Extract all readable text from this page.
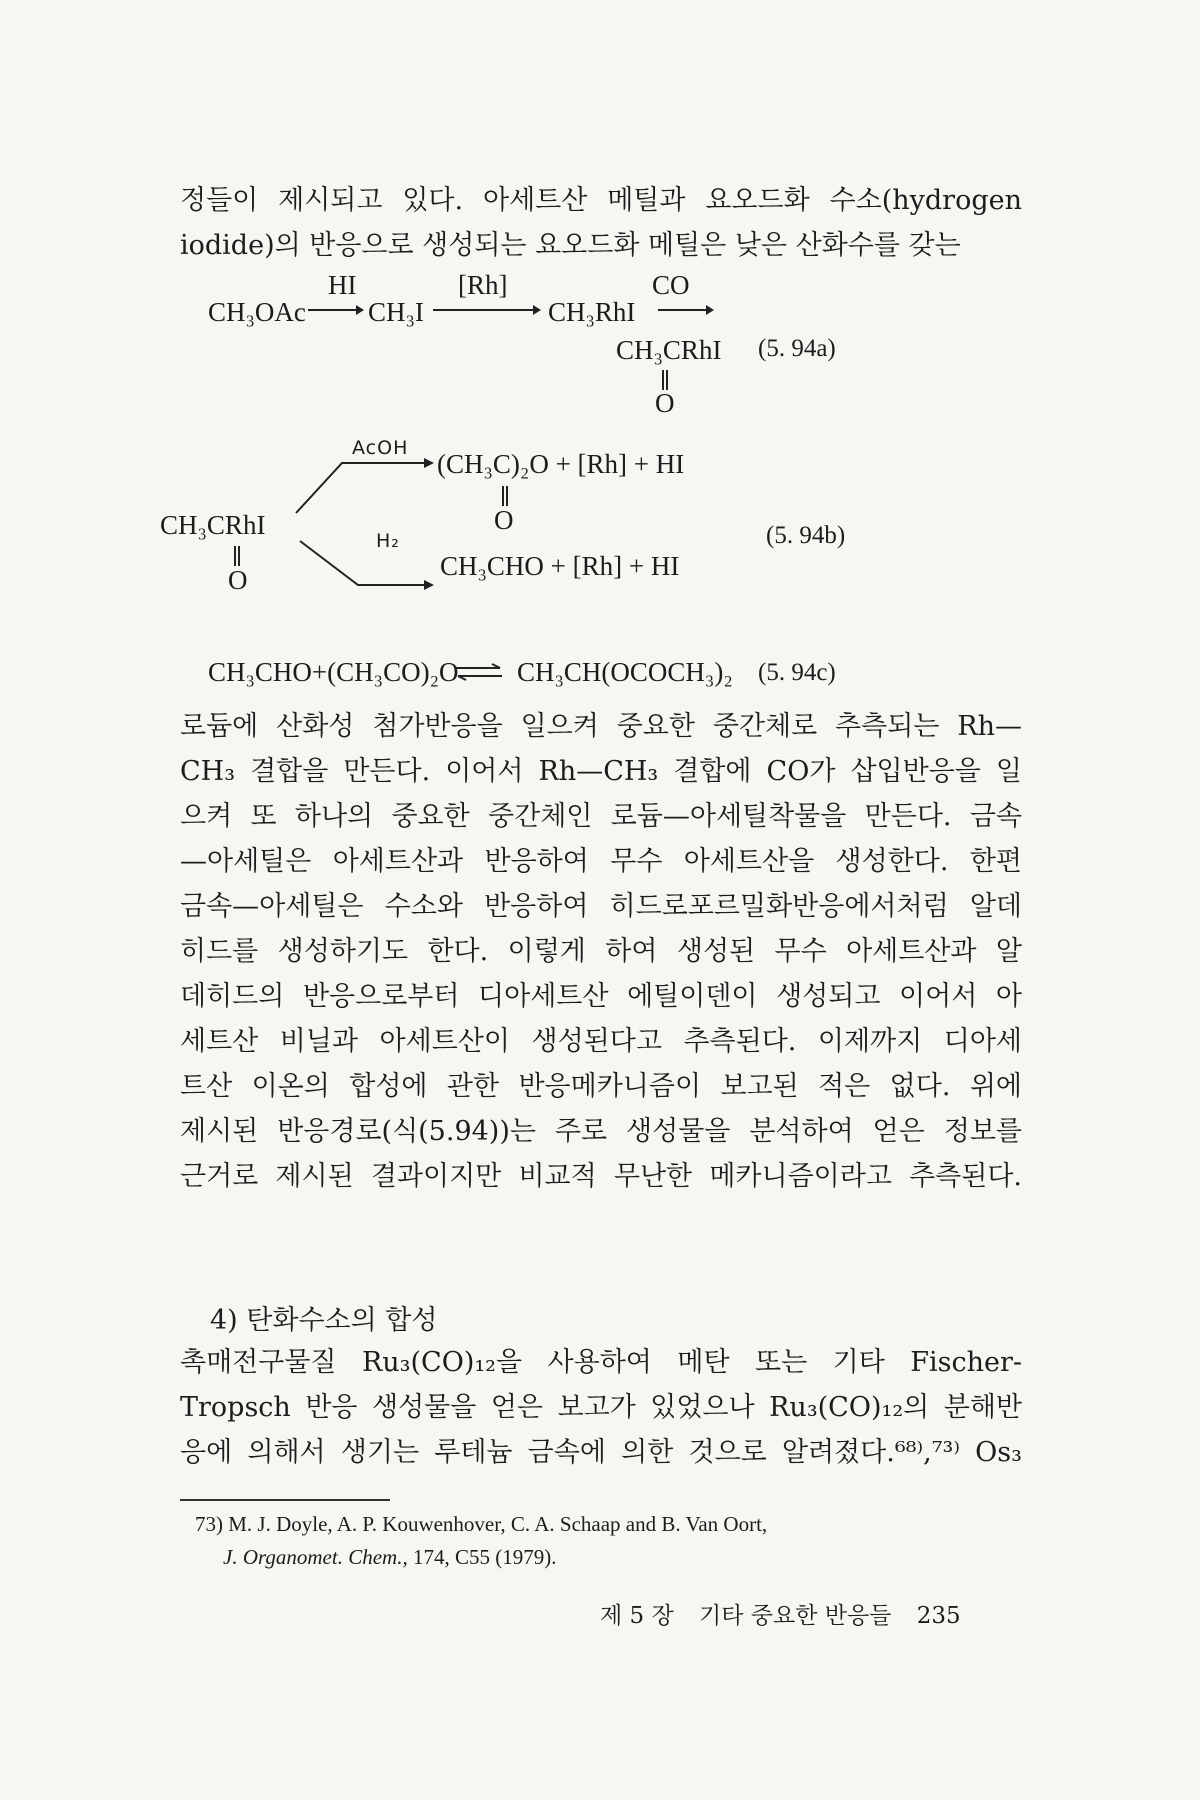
정들이 제시되고 있다. 아세트산 메틸과 요오드화 수소(hydrogen
iodide)의 반응으로 생성되는 요오드화 메틸은 낮은 산화수를 갖는
HI	[Rh]	CO
CH₃OAc → CH₃I → CH₃RhI →
CH₃CRhI (5. 94a)
O
AcOH
(CH₃C)₂O + [Rh] + HI
O
CH₃CRhI
O
H₂
CH₃CHO + [Rh] + HI
(5. 94b)
CH₃CHO+(CH₃CO)₂O ⇌ CH₃CH(OCOCH₃)₂ (5. 94c)
로듐에 산화성 첨가반응을 일으켜 중요한 중간체로 추측되는 Rh—
CH₃ 결합을 만든다. 이어서 Rh—CH₃ 결합에 CO가 삽입반응을 일
으켜 또 하나의 중요한 중간체인 로듐—아세틸착물을 만든다. 금속
—아세틸은 아세트산과 반응하여 무수 아세트산을 생성한다. 한편
금속—아세틸은 수소와 반응하여 히드로포르밀화반응에서처럼 알데
히드를 생성하기도 한다. 이렇게 하여 생성된 무수 아세트산과 알
데히드의 반응으로부터 디아세트산 에틸이덴이 생성되고 이어서 아
세트산 비닐과 아세트산이 생성된다고 추측된다. 이제까지 디아세
트산 이온의 합성에 관한 반응메카니즘이 보고된 적은 없다. 위에
제시된 반응경로(식(5.94))는 주로 생성물을 분석하여 얻은 정보를
근거로 제시된 결과이지만 비교적 무난한 메카니즘이라고 추측된다.
4) 탄화수소의 합성
촉매전구물질 Ru₃(CO)₁₂을 사용하여 메탄 또는 기타 Fischer-
Tropsch 반응 생성물을 얻은 보고가 있었으나 Ru₃(CO)₁₂의 분해반
응에 의해서 생기는 루테늄 금속에 의한 것으로 알려졌다.⁶⁸⁾,⁷³⁾ Os₃
73) M. J. Doyle, A. P. Kouwenhover, C. A. Schaap and B. Van Oort,
J. Organomet. Chem., 174, C55 (1979).
제 5 장 기타 중요한 반응들 235
